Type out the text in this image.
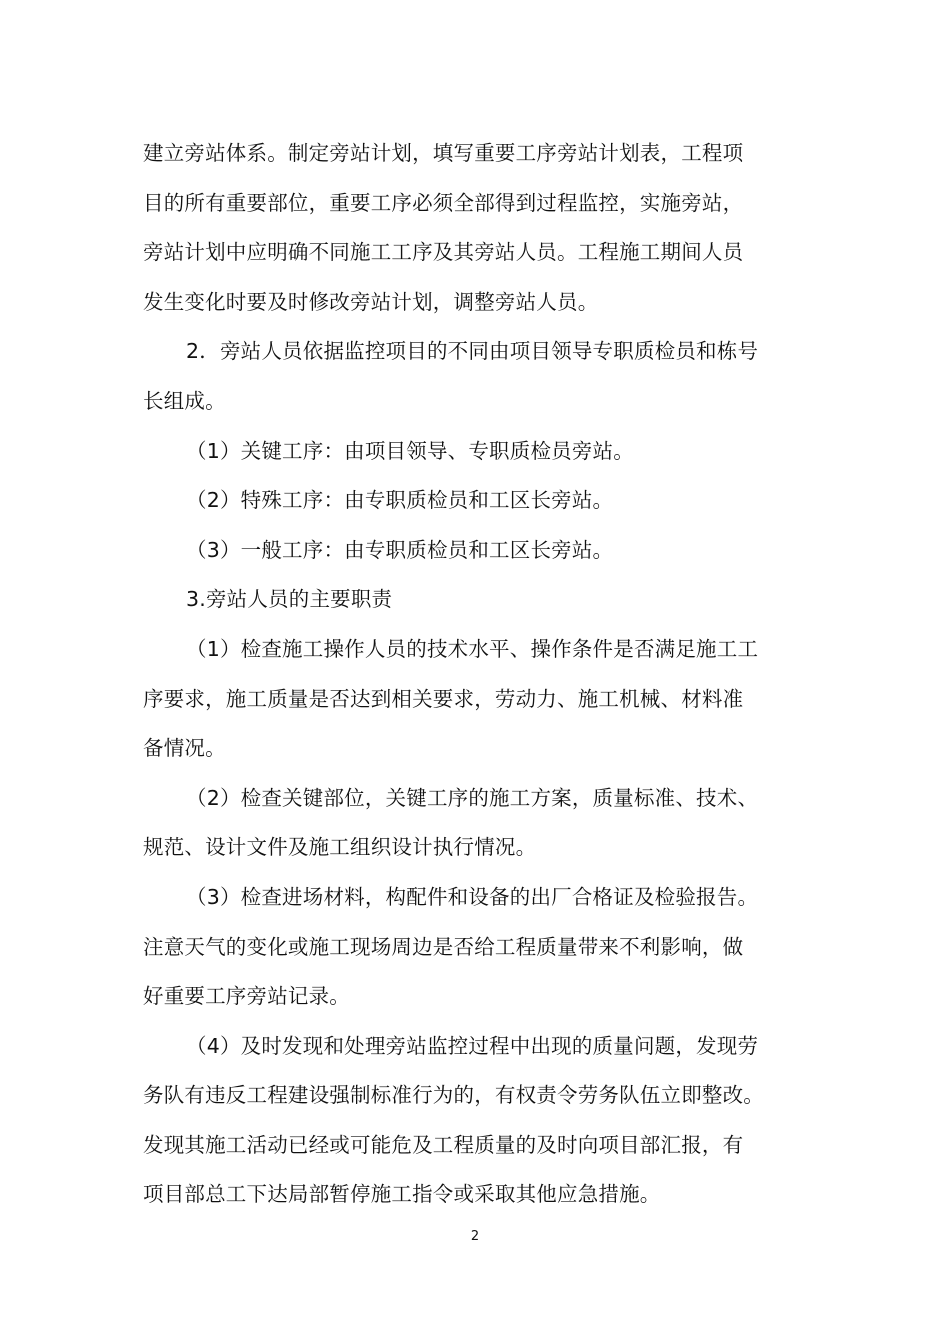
建立旁站体系。制定旁站计划，填写重要工序旁站计划表，工程项
目的所有重要部位，重要工序必须全部得到过程监控，实施旁站，
旁站计划中应明确不同施工工序及其旁站人员。工程施工期间人员
发生变化时要及时修改旁站计划，调整旁站人员。
2．旁站人员依据监控项目的不同由项目领导专职质检员和栋号
长组成。
（1）关键工序：由项目领导、专职质检员旁站。
（2）特殊工序：由专职质检员和工区长旁站。
（3）一般工序：由专职质检员和工区长旁站。
3.旁站人员的主要职责
（1）检查施工操作人员的技术水平、操作条件是否满足施工工
序要求，施工质量是否达到相关要求，劳动力、施工机械、材料准
备情况。
（2）检查关键部位，关键工序的施工方案，质量标准、技术、
规范、设计文件及施工组织设计执行情况。
（3）检查进场材料，构配件和设备的出厂合格证及检验报告。
注意天气的变化或施工现场周边是否给工程质量带来不利影响，做
好重要工序旁站记录。
（4）及时发现和处理旁站监控过程中出现的质量问题，发现劳
务队有违反工程建设强制标准行为的，有权责令劳务队伍立即整改。
发现其施工活动已经或可能危及工程质量的及时向项目部汇报，有
项目部总工下达局部暂停施工指令或采取其他应急措施。
2
